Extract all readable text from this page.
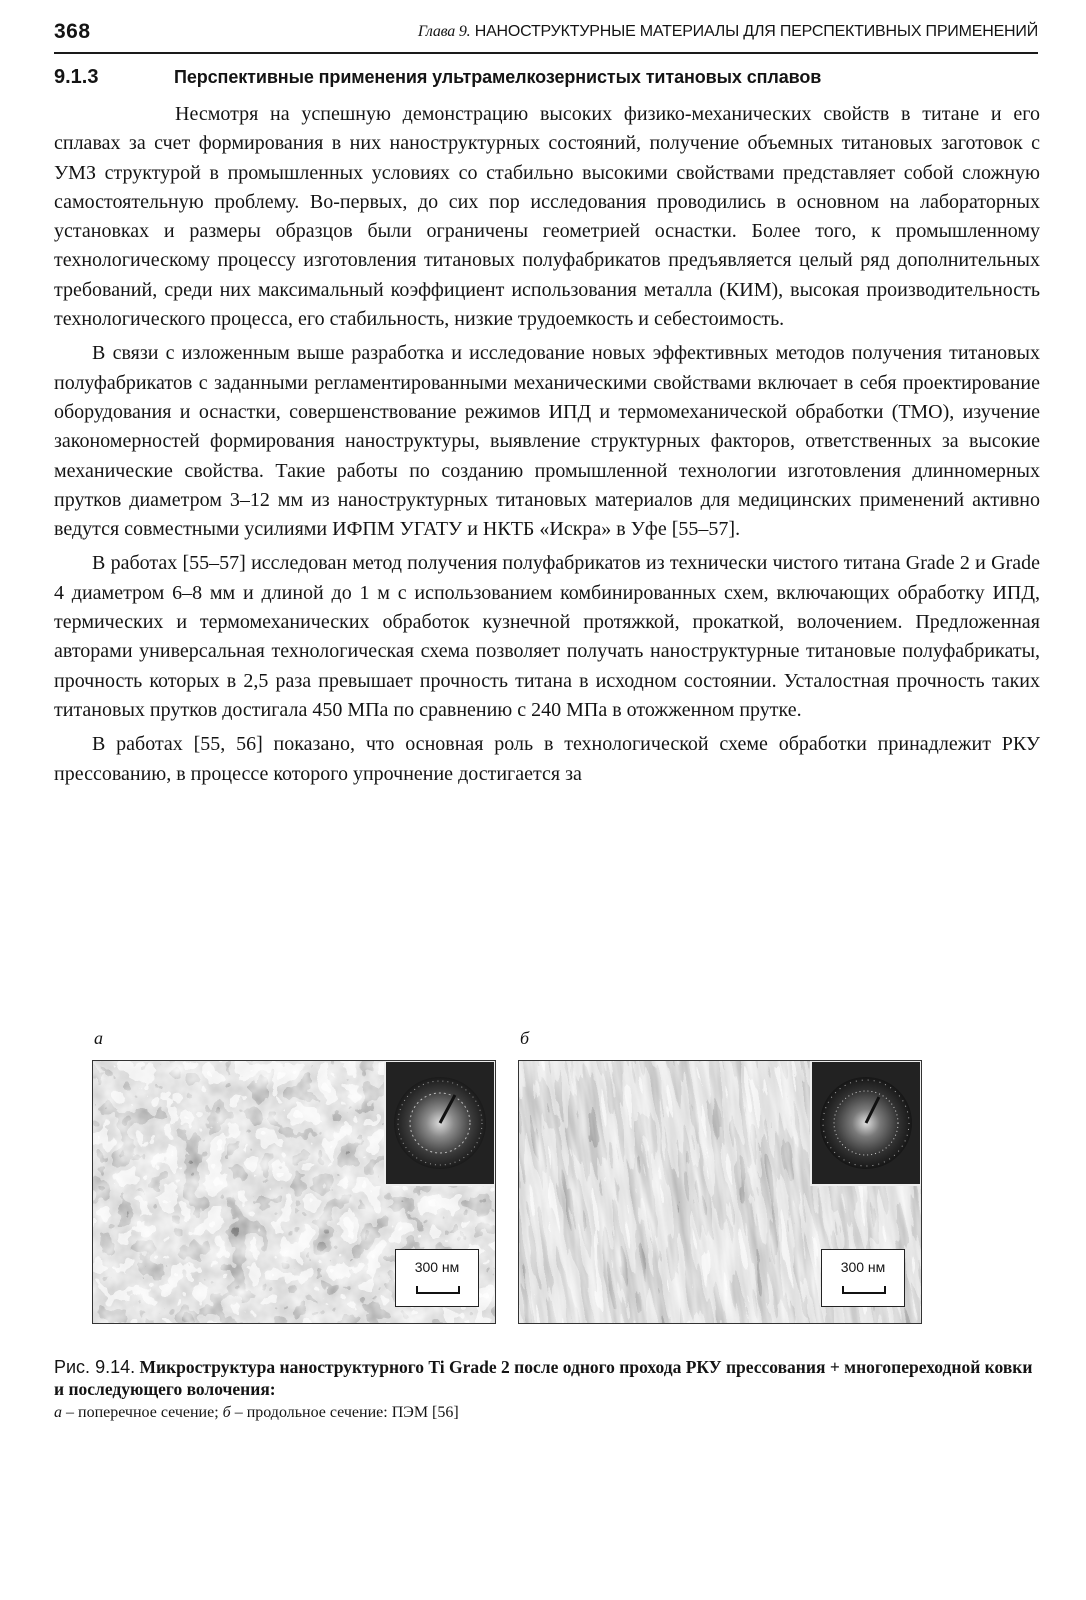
368	Глава 9. НАНОСТРУКТУРНЫЕ МАТЕРИАЛЫ ДЛЯ ПЕРСПЕКТИВНЫХ ПРИМЕНЕНИЙ
9.1.3	Перспективные применения ультрамелкозернистых титановых сплавов

Несмотря на успешную демонстрацию высоких физико-механических свойств в титане и его сплавах за счет формирования в них наноструктурных состояний, получение объемных титановых заготовок с УМЗ структурой в промышленных условиях со стабильно высокими свойствами представляет собой сложную самостоятельную проблему. Во-первых, до сих пор исследования проводились в основном на лабораторных установках и размеры образцов были ограничены геометрией оснастки. Более того, к промышленному технологическому процессу изготовления титановых полуфабрикатов предъявляется целый ряд дополнительных требований, среди них максимальный коэффициент использования металла (КИМ), высокая производительность технологического процесса, его стабильность, низкие трудоемкость и себестоимость.

В связи с изложенным выше разработка и исследование новых эффективных методов получения титановых полуфабрикатов с заданными регламентированными механическими свойствами включает в себя проектирование оборудования и оснастки, совершенствование режимов ИПД и термомеханической обработки (ТМО), изучение закономерностей формирования наноструктуры, выявление структурных факторов, ответственных за высокие механические свойства. Такие работы по созданию промышленной технологии изготовления длинномерных прутков диаметром 3–12 мм из наноструктурных титановых материалов для медицинских применений активно ведутся совместными усилиями ИФПМ УГАТУ и НКТБ «Искра» в Уфе [55–57].

В работах [55–57] исследован метод получения полуфабрикатов из технически чистого титана Grade 2 и Grade 4 диаметром 6–8 мм и длиной до 1 м с использованием комбинированных схем, включающих обработку ИПД, термических и термомеханических обработок кузнечной протяжкой, прокаткой, волочением. Предложенная авторами универсальная технологическая схема позволяет получать наноструктурные титановые полуфабрикаты, прочность которых в 2,5 раза превышает прочность титана в исходном состоянии. Усталостная прочность таких титановых прутков достигала 450 МПа по сравнению с 240 МПа в отожженном прутке.

В работах [55, 56] показано, что основная роль в технологической схеме обработки принадлежит РКУ прессованию, в процессе которого упрочнение достигается за

а	б
300 нм	300 нм
Рис. 9.14. Микроструктура наноструктурного Ti Grade 2 после одного прохода РКУ прессования + многопереходной ковки и последующего волочения:
а – поперечное сечение; б – продольное сечение: ПЭМ [56]
